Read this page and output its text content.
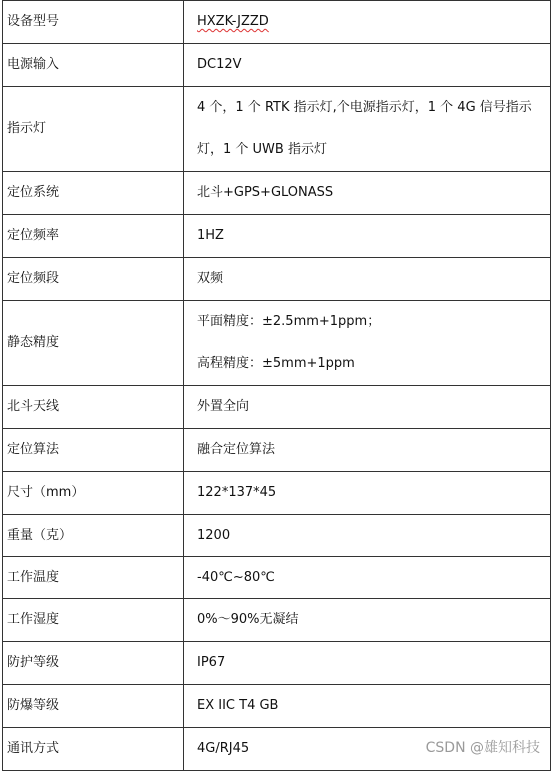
设备型号	HXZK-JZZD
电源输入	DC12V
指示灯	4 个，1 个 RTK 指示灯,个电源指示灯，1 个 4G 信号指示
灯，1 个 UWB 指示灯

定位系统	北斗+GPS+GLONASS
定位频率	1HZ
定位频段	双频
静态精度	平面精度：±2.5mm+1ppm；
高程精度：±5mm+1ppm

北斗天线	外置全向
定位算法	融合定位算法
尺寸（mm）	122*137*45
重量（克）	1200
工作温度	-40℃~80℃
工作湿度	0%～90%无凝结
防护等级	IP67
防爆等级	EX IIC T4 GB
通讯方式	4G/RJ45	CSDN @雄知科技
